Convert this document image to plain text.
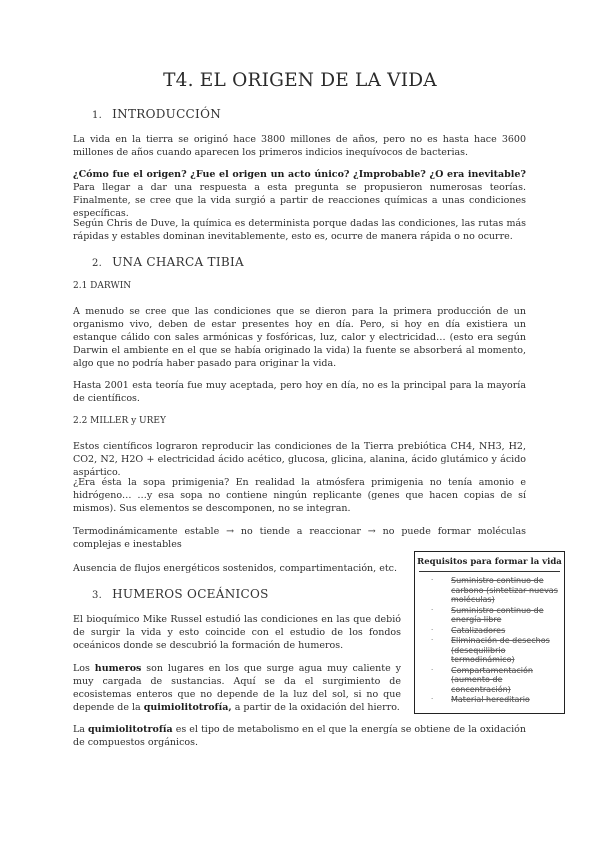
T4. EL ORIGEN DE LA VIDA
1. INTRODUCCIÓN

La vida en la tierra se originó hace 3800 millones de años, pero no es hasta hace 3600 millones de años cuando aparecen los primeros indicios inequívocos de bacterias.

¿Cómo fue el origen? ¿Fue el origen un acto único? ¿Improbable? ¿O era inevitable? Para llegar a dar una respuesta a esta pregunta se propusieron numerosas teorías. Finalmente, se cree que la vida surgió a partir de reacciones químicas a unas condiciones específicas.

Según Chris de Duve, la química es determinista porque dadas las condiciones, las rutas más rápidas y estables dominan inevitablemente, esto es, ocurre de manera rápida o no ocurre.

2. UNA CHARCA TIBIA
2.1 DARWIN

A menudo se cree que las condiciones que se dieron para la primera producción de un organismo vivo, deben de estar presentes hoy en día. Pero, si hoy en día existiera un estanque cálido con sales armónicas y fosfóricas, luz, calor y electricidad… (esto era según Darwin el ambiente en el que se había originado la vida) la fuente se absorberá al momento, algo que no podría haber pasado para originar la vida.

Hasta 2001 esta teoría fue muy aceptada, pero hoy en día, no es la principal para la mayoría de científicos.

2.2 MILLER y UREY

Estos científicos lograron reproducir las condiciones de la Tierra prebiótica CH4, NH3, H2, CO2, N2, H2O + electricidad ácido acético, glucosa, glicina, alanina, ácido glutámico y ácido aspártico.

¿Era ésta la sopa primigenia? En realidad la atmósfera primigenia no tenía amonio e hidrógeno… …y esa sopa no contiene ningún replicante (genes que hacen copias de sí mismos). Sus elementos se descomponen, no se integran.

Termodinámicamente estable → no tiende a reaccionar → no puede formar moléculas complejas e inestables

Ausencia de flujos energéticos sostenidos, compartimentación, etc.

3. HUMEROS OCEÁNICOS

El bioquímico Mike Russel estudió las condiciones en las que debió de surgir la vida y esto coincide con el estudio de los fondos oceánicos donde se descubrió la formación de humeros.

Los humeros son lugares en los que surge agua muy caliente y muy cargada de sustancias. Aquí se da el surgimiento de ecosistemas enteros que no depende de la luz del sol, si no que depende de la quimiolitotrofía, a partir de la oxidación del hierro.

La quimiolitotrofía es el tipo de metabolismo en el que la energía se obtiene de la oxidación de compuestos orgánicos.

Requisitos para formar la vida
· Suministro continuo de carbono (sintetizar nuevas moléculas)
· Suministro continuo de energía libre
· Catalizadores
· Eliminación de desechos (desequilibrio termodinámico)
· Compartamentación (aumento de concentración)
· Material hereditario
